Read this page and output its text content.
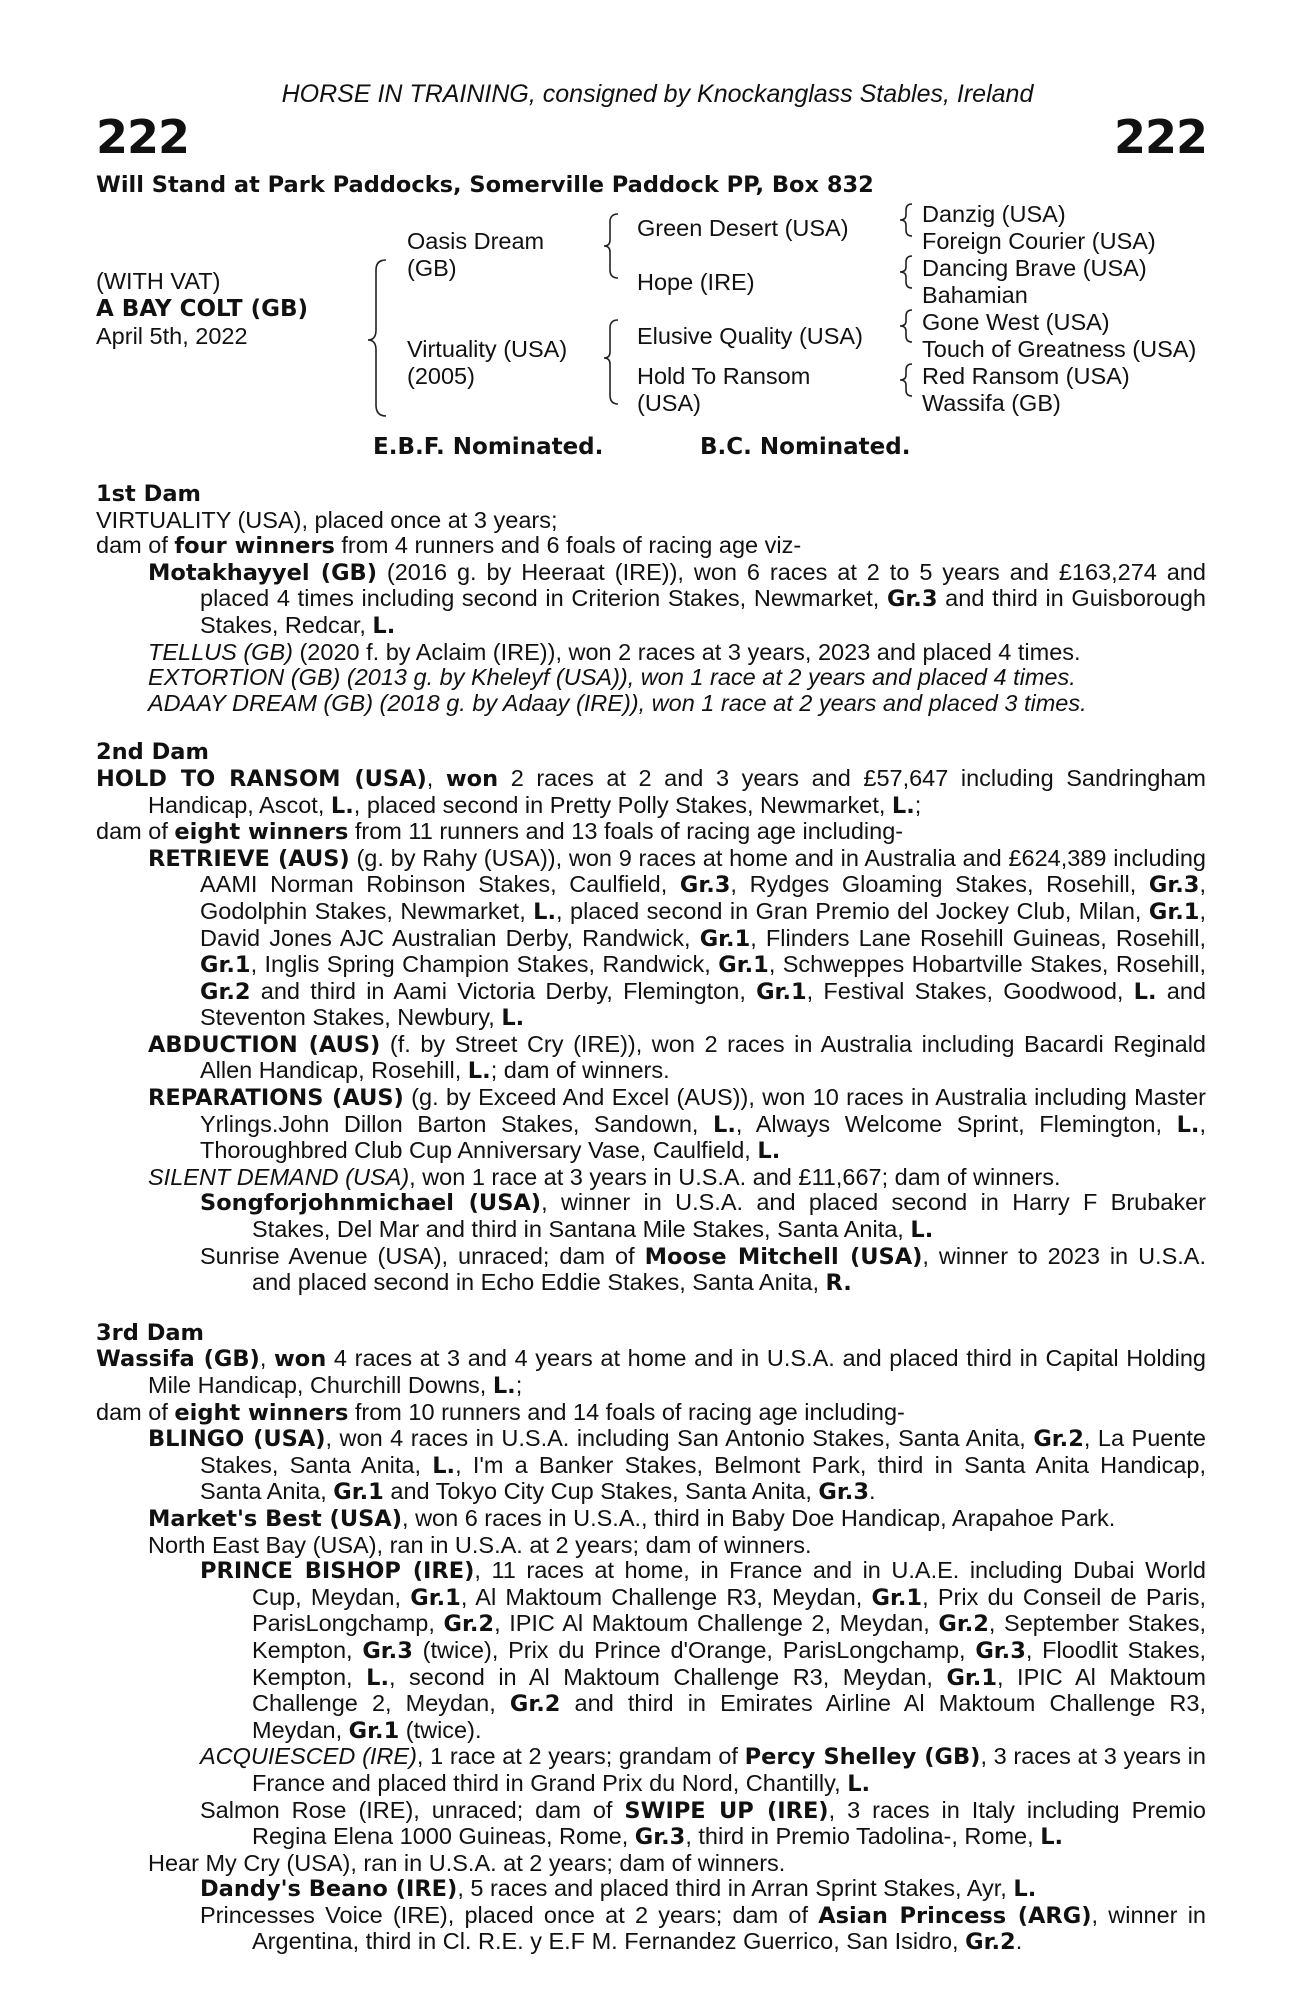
HORSE IN TRAINING, consigned by Knockanglass Stables, Ireland
222	222
Will Stand at Park Paddocks, Somerville Paddock PP, Box 832
(WITH VAT)
A BAY COLT (GB)
April 5th, 2022
Oasis Dream
(GB)
Virtuality (USA)
(2005)
Green Desert (USA)
Hope (IRE)
Elusive Quality (USA)
Hold To Ransom
(USA)
Danzig (USA)
Foreign Courier (USA)
Dancing Brave (USA)
Bahamian
Gone West (USA)
Touch of Greatness (USA)
Red Ransom (USA)
Wassifa (GB)
E.B.F. Nominated.	B.C. Nominated.
1st Dam
VIRTUALITY (USA), placed once at 3 years;
dam of four winners from 4 runners and 6 foals of racing age viz-
Motakhayyel (GB) (2016 g. by Heeraat (IRE)), won 6 races at 2 to 5 years and £163,274 and placed 4 times including second in Criterion Stakes, Newmarket, Gr.3 and third in Guisborough Stakes, Redcar, L.
TELLUS (GB) (2020 f. by Aclaim (IRE)), won 2 races at 3 years, 2023 and placed 4 times.
EXTORTION (GB) (2013 g. by Kheleyf (USA)), won 1 race at 2 years and placed 4 times.
ADAAY DREAM (GB) (2018 g. by Adaay (IRE)), won 1 race at 2 years and placed 3 times.
2nd Dam
HOLD TO RANSOM (USA), won 2 races at 2 and 3 years and £57,647 including Sandringham Handicap, Ascot, L., placed second in Pretty Polly Stakes, Newmarket, L.;
dam of eight winners from 11 runners and 13 foals of racing age including-
RETRIEVE (AUS) (g. by Rahy (USA)), won 9 races at home and in Australia and £624,389 including AAMI Norman Robinson Stakes, Caulfield, Gr.3, Rydges Gloaming Stakes, Rosehill, Gr.3, Godolphin Stakes, Newmarket, L., placed second in Gran Premio del Jockey Club, Milan, Gr.1, David Jones AJC Australian Derby, Randwick, Gr.1, Flinders Lane Rosehill Guineas, Rosehill, Gr.1, Inglis Spring Champion Stakes, Randwick, Gr.1, Schweppes Hobartville Stakes, Rosehill, Gr.2 and third in Aami Victoria Derby, Flemington, Gr.1, Festival Stakes, Goodwood, L. and Steventon Stakes, Newbury, L.
ABDUCTION (AUS) (f. by Street Cry (IRE)), won 2 races in Australia including Bacardi Reginald Allen Handicap, Rosehill, L.; dam of winners.
REPARATIONS (AUS) (g. by Exceed And Excel (AUS)), won 10 races in Australia including Master Yrlings.John Dillon Barton Stakes, Sandown, L., Always Welcome Sprint, Flemington, L., Thoroughbred Club Cup Anniversary Vase, Caulfield, L.
SILENT DEMAND (USA), won 1 race at 3 years in U.S.A. and £11,667; dam of winners.
Songforjohnmichael (USA), winner in U.S.A. and placed second in Harry F Brubaker Stakes, Del Mar and third in Santana Mile Stakes, Santa Anita, L.
Sunrise Avenue (USA), unraced; dam of Moose Mitchell (USA), winner to 2023 in U.S.A. and placed second in Echo Eddie Stakes, Santa Anita, R.
3rd Dam
Wassifa (GB), won 4 races at 3 and 4 years at home and in U.S.A. and placed third in Capital Holding Mile Handicap, Churchill Downs, L.;
dam of eight winners from 10 runners and 14 foals of racing age including-
BLINGO (USA), won 4 races in U.S.A. including San Antonio Stakes, Santa Anita, Gr.2, La Puente Stakes, Santa Anita, L., I'm a Banker Stakes, Belmont Park, third in Santa Anita Handicap, Santa Anita, Gr.1 and Tokyo City Cup Stakes, Santa Anita, Gr.3.
Market's Best (USA), won 6 races in U.S.A., third in Baby Doe Handicap, Arapahoe Park.
North East Bay (USA), ran in U.S.A. at 2 years; dam of winners.
PRINCE BISHOP (IRE), 11 races at home, in France and in U.A.E. including Dubai World Cup, Meydan, Gr.1, Al Maktoum Challenge R3, Meydan, Gr.1, Prix du Conseil de Paris, ParisLongchamp, Gr.2, IPIC Al Maktoum Challenge 2, Meydan, Gr.2, September Stakes, Kempton, Gr.3 (twice), Prix du Prince d'Orange, ParisLongchamp, Gr.3, Floodlit Stakes, Kempton, L., second in Al Maktoum Challenge R3, Meydan, Gr.1, IPIC Al Maktoum Challenge 2, Meydan, Gr.2 and third in Emirates Airline Al Maktoum Challenge R3, Meydan, Gr.1 (twice).
ACQUIESCED (IRE), 1 race at 2 years; grandam of Percy Shelley (GB), 3 races at 3 years in France and placed third in Grand Prix du Nord, Chantilly, L.
Salmon Rose (IRE), unraced; dam of SWIPE UP (IRE), 3 races in Italy including Premio Regina Elena 1000 Guineas, Rome, Gr.3, third in Premio Tadolina-, Rome, L.
Hear My Cry (USA), ran in U.S.A. at 2 years; dam of winners.
Dandy's Beano (IRE), 5 races and placed third in Arran Sprint Stakes, Ayr, L.
Princesses Voice (IRE), placed once at 2 years; dam of Asian Princess (ARG), winner in Argentina, third in Cl. R.E. y E.F M. Fernandez Guerrico, San Isidro, Gr.2.
